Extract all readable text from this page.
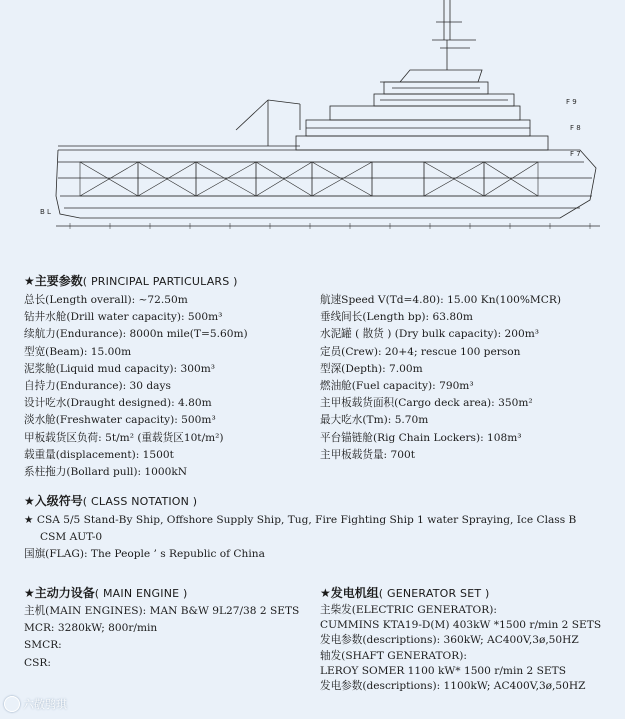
B L
F 9
F 8
F 7
★主要参数( PRINCIPAL PARTICULARS )
总长(Length overall): ~72.50m
钻井水舱(Drill water capacity): 500m³
续航力(Endurance): 8000n mile(T=5.60m)
型宽(Beam): 15.00m
泥浆舱(Liquid mud capacity): 300m³
自持力(Endurance): 30 days
设计吃水(Draught designed): 4.80m
淡水舱(Freshwater capacity): 500m³
甲板载货区负荷: 5t/m² (重载货区10t/m²)
载重量(displacement): 1500t
系柱拖力(Bollard pull): 1000kN
航速Speed V(Td=4.80): 15.00 Kn(100%MCR)
垂线间长(Length bp): 63.80m
水泥罐 ( 散货 ) (Dry bulk capacity): 200m³
定员(Crew): 20+4; rescue 100 person
型深(Depth): 7.00m
燃油舱(Fuel capacity): 790m³
主甲板载货面积(Cargo deck area): 350m²
最大吃水(Tm): 5.70m
平台锚链舱(Rig Chain Lockers): 108m³
主甲板载货量: 700t
★入级符号( CLASS NOTATION )
★ CSA 5/5 Stand-By Ship, Offshore Supply Ship, Tug, Fire Fighting Ship 1 water Spraying, Ice Class B
CSM AUT-0
国旗(FLAG): The People ’ s Republic of China
★主动力设备( MAIN ENGINE )
主机(MAIN ENGINES): MAN B&W 9L27/38 2 SETS
MCR: 3280kW; 800r/min
SMCR:
CSR:
★发电机组( GENERATOR SET )
主柴发(ELECTRIC GENERATOR):
CUMMINS KTA19-D(M) 403kW *1500 r/min 2 SETS
发电参数(descriptions): 360kW; AC400V,3ø,50HZ
轴发(SHAFT GENERATOR):
LEROY SOMER 1100 kW* 1500 r/min 2 SETS
发电参数(descriptions): 1100kW; AC400V,3ø,50HZ
六敬鸮琪
